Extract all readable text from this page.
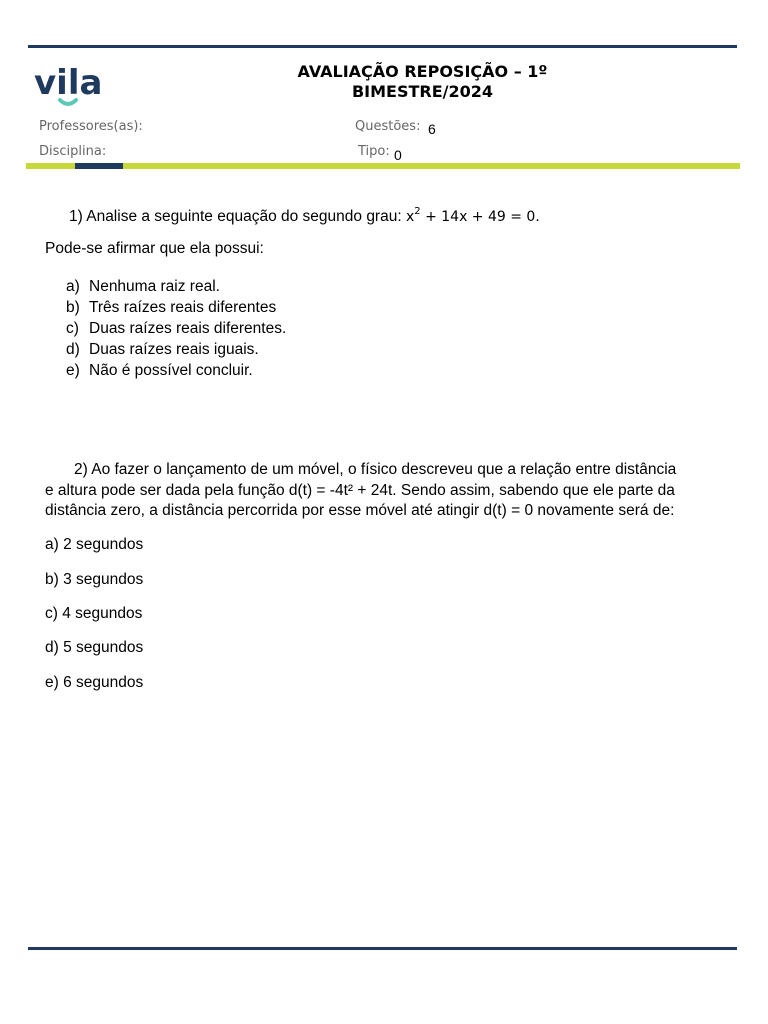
vila	AVALIAÇÃO REPOSIÇÃO – 1º
BIMESTRE/2024
Professores(as):
Disciplina:
Questões: 6
Tipo: 0
1) Analise a seguinte equação do segundo grau: $x^2 + 14x + 49 = 0$.
Pode-se afirmar que ela possui:
a) Nenhuma raiz real.
b) Três raízes reais diferentes
c) Duas raízes reais diferentes.
d) Duas raízes reais iguais.
e) Não é possível concluir.
2) Ao fazer o lançamento de um móvel, o físico descreveu que a relação entre distância
e altura pode ser dada pela função d(t) = -4t² + 24t. Sendo assim, sabendo que ele parte da
distância zero, a distância percorrida por esse móvel até atingir d(t) = 0 novamente será de:
a) 2 segundos
b) 3 segundos
c) 4 segundos
d) 5 segundos
e) 6 segundos
